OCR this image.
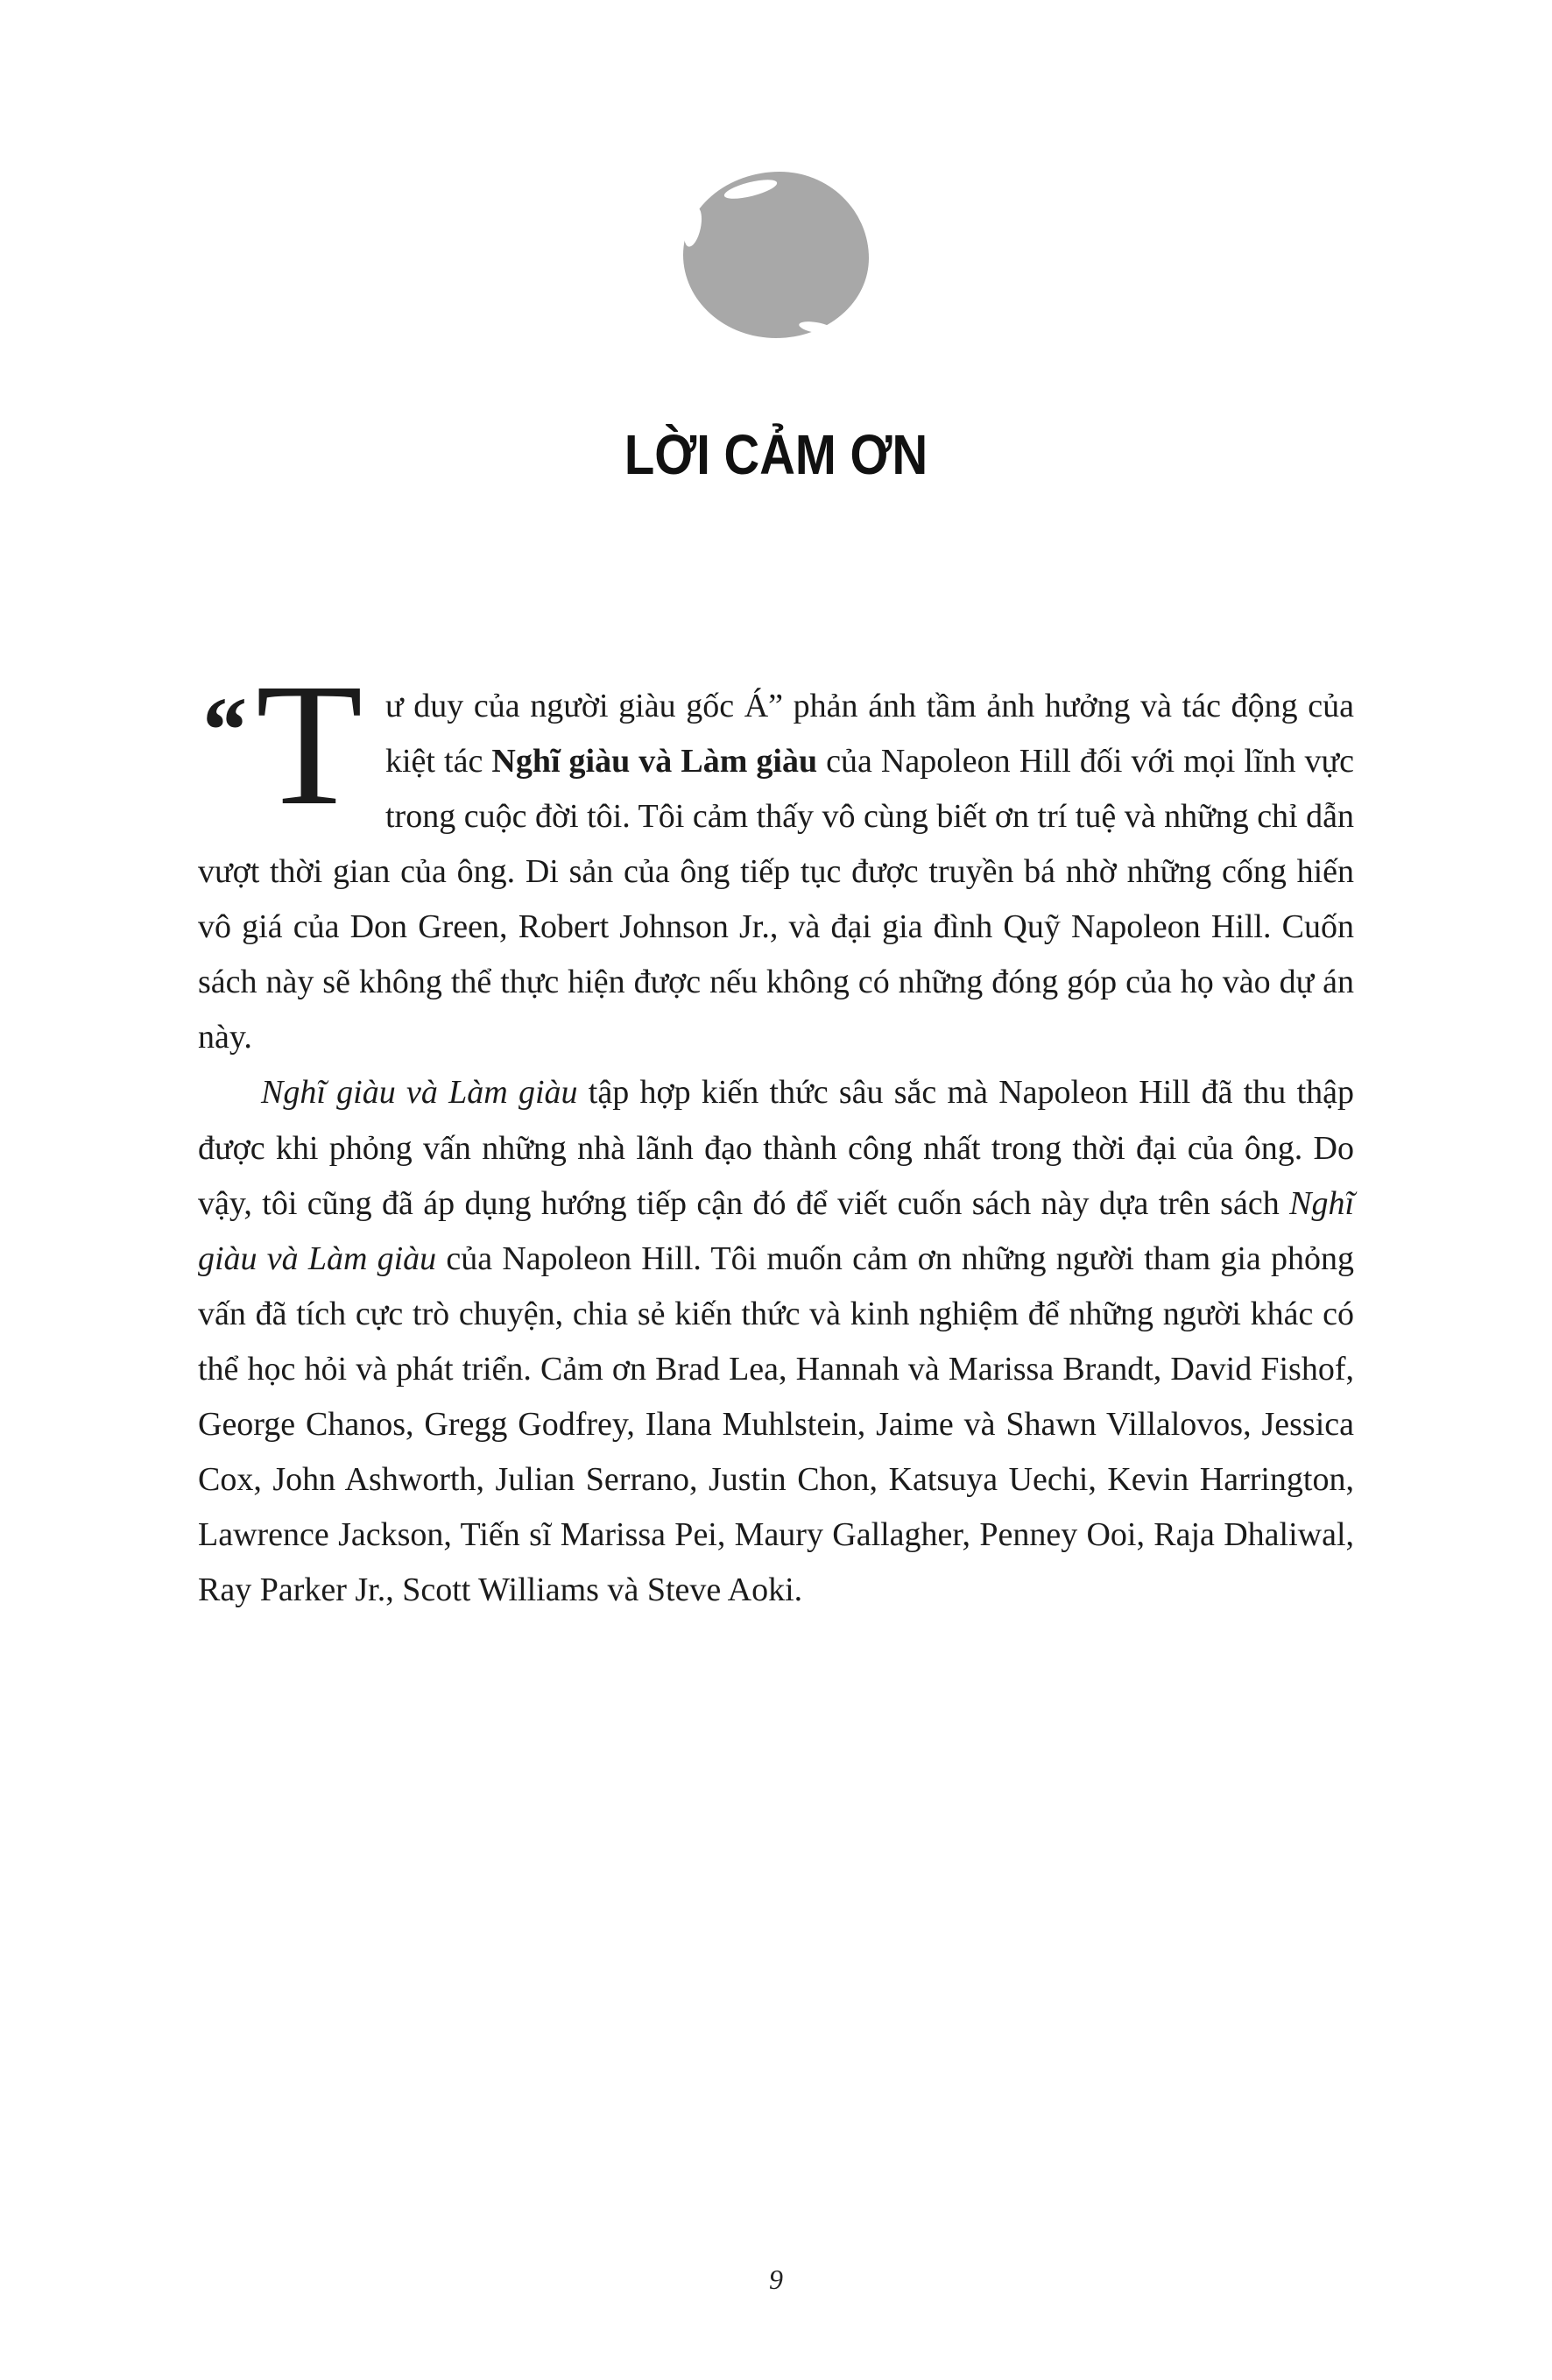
LỜI CẢM ƠN

“ T ư duy của người giàu gốc Á” phản ánh tầm ảnh hưởng và tác động của kiệt tác Nghĩ giàu và Làm giàu của Napoleon Hill đối với mọi lĩnh vực trong cuộc đời tôi. Tôi cảm thấy vô cùng biết ơn trí tuệ và những chỉ dẫn vượt thời gian của ông. Di sản của ông tiếp tục được truyền bá nhờ những cống hiến vô giá của Don Green, Robert Johnson Jr., và đại gia đình Quỹ Napoleon Hill. Cuốn sách này sẽ không thể thực hiện được nếu không có những đóng góp của họ vào dự án này.

Nghĩ giàu và Làm giàu tập hợp kiến thức sâu sắc mà Napoleon Hill đã thu thập được khi phỏng vấn những nhà lãnh đạo thành công nhất trong thời đại của ông. Do vậy, tôi cũng đã áp dụng hướng tiếp cận đó để viết cuốn sách này dựa trên sách Nghĩ giàu và Làm giàu của Napoleon Hill. Tôi muốn cảm ơn những người tham gia phỏng vấn đã tích cực trò chuyện, chia sẻ kiến thức và kinh nghiệm để những người khác có thể học hỏi và phát triển. Cảm ơn Brad Lea, Hannah và Marissa Brandt, David Fishof, George Chanos, Gregg Godfrey, Ilana Muhlstein, Jaime và Shawn Villalovos, Jessica Cox, John Ashworth, Julian Serrano, Justin Chon, Katsuya Uechi, Kevin Harrington, Lawrence Jackson, Tiến sĩ Marissa Pei, Maury Gallagher, Penney Ooi, Raja Dhaliwal, Ray Parker Jr., Scott Williams và Steve Aoki.

9
